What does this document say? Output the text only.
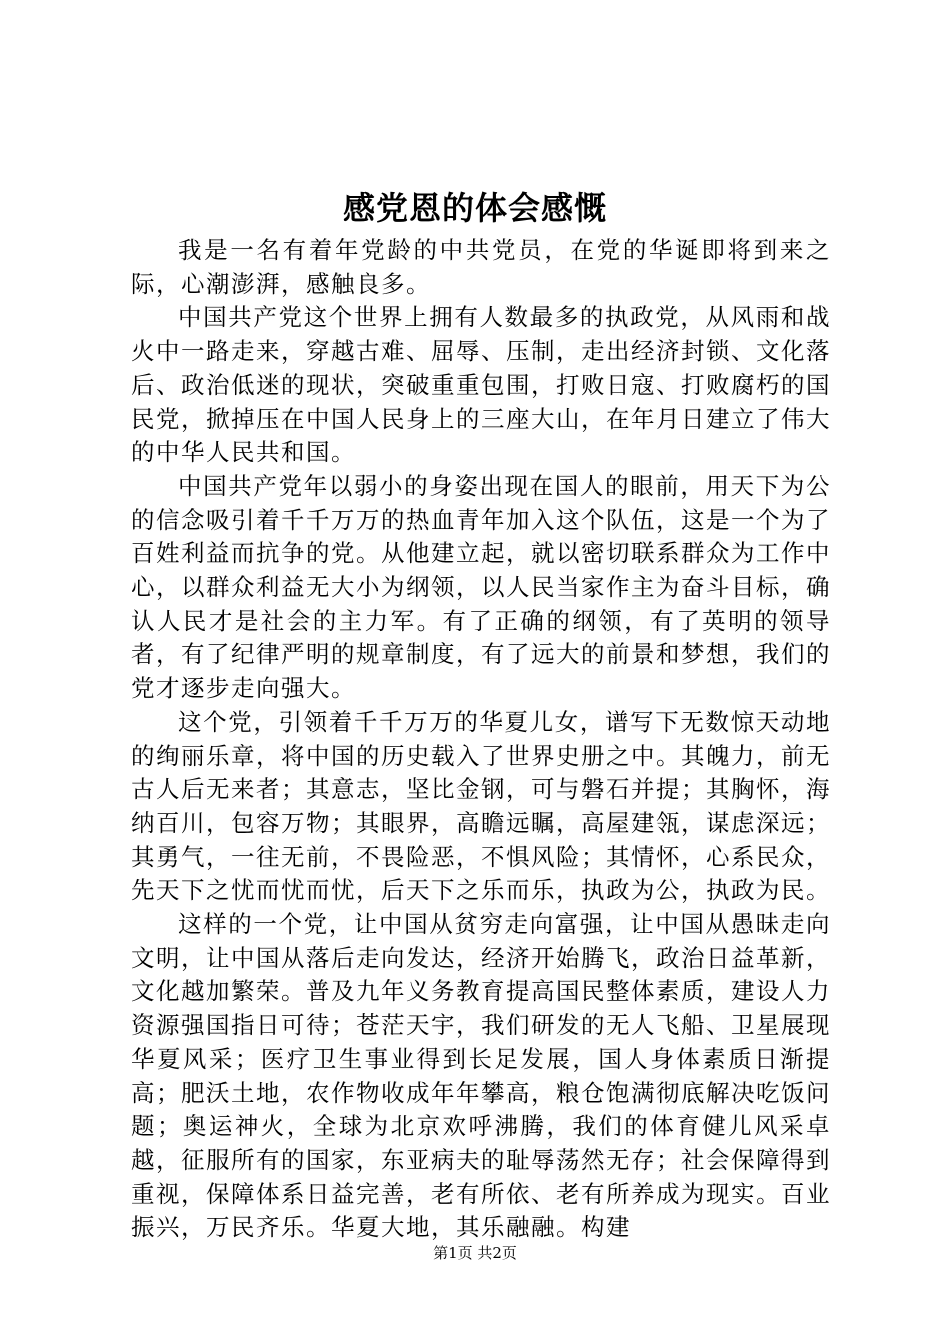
感党恩的体会感慨

我是一名有着年党龄的中共党员，在党的华诞即将到来之际，心潮澎湃，感触良多。

中国共产党这个世界上拥有人数最多的执政党，从风雨和战火中一路走来，穿越古难、屈辱、压制，走出经济封锁、文化落后、政治低迷的现状，突破重重包围，打败日寇、打败腐朽的国民党，掀掉压在中国人民身上的三座大山，在年月日建立了伟大的中华人民共和国。

中国共产党年以弱小的身姿出现在国人的眼前，用天下为公的信念吸引着千千万万的热血青年加入这个队伍，这是一个为了百姓利益而抗争的党。从他建立起，就以密切联系群众为工作中心，以群众利益无大小为纲领，以人民当家作主为奋斗目标，确认人民才是社会的主力军。有了正确的纲领，有了英明的领导者，有了纪律严明的规章制度，有了远大的前景和梦想，我们的党才逐步走向强大。

这个党，引领着千千万万的华夏儿女，谱写下无数惊天动地的绚丽乐章，将中国的历史载入了世界史册之中。其魄力，前无古人后无来者；其意志，坚比金钢，可与磐石并提；其胸怀，海纳百川，包容万物；其眼界，高瞻远瞩，高屋建瓴，谋虑深远；其勇气，一往无前，不畏险恶，不惧风险；其情怀，心系民众，先天下之忧而忧而忧，后天下之乐而乐，执政为公，执政为民。

这样的一个党，让中国从贫穷走向富强，让中国从愚昧走向文明，让中国从落后走向发达，经济开始腾飞，政治日益革新，文化越加繁荣。普及九年义务教育提高国民整体素质，建设人力资源强国指日可待；苍茫天宇，我们研发的无人飞船、卫星展现华夏风采；医疗卫生事业得到长足发展，国人身体素质日渐提高；肥沃土地，农作物收成年年攀高，粮仓饱满彻底解决吃饭问题；奥运神火，全球为北京欢呼沸腾，我们的体育健儿风采卓越，征服所有的国家，东亚病夫的耻辱荡然无存；社会保障得到重视，保障体系日益完善，老有所依、老有所养成为现实。百业振兴，万民齐乐。华夏大地，其乐融融。构建

第1页 共2页
